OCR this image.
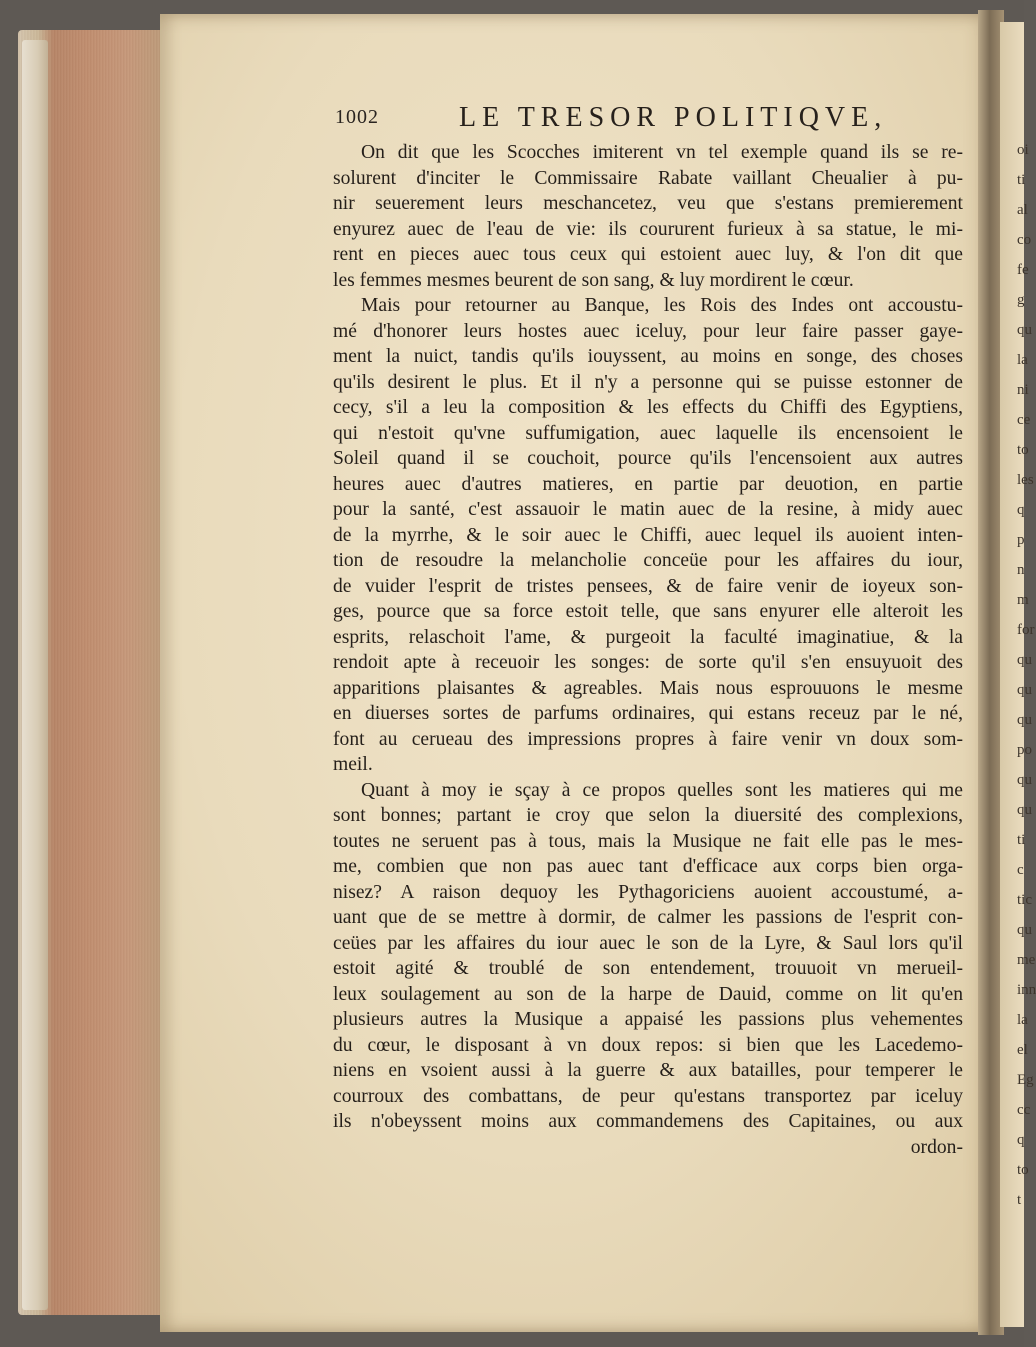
oi
ti
al
co
fe
g
qu
la
ni
ce
to
les
q
p
n
m
for
qu
qu
qu
po
qu
qu
ti
c
tic
qu
me
inn
la
el
Eg
cc
q
to
t
1002	LE TRESOR POLITIQVE,
On dit que les Scocches imiterent vn tel exemple quand ils se re-
solurent d'inciter le Commissaire Rabate vaillant Cheualier à pu-
nir seuerement leurs meschancetez, veu que s'estans premierement
enyurez auec de l'eau de vie: ils coururent furieux à sa statue, le mi-
rent en pieces auec tous ceux qui estoient auec luy, & l'on dit que
les femmes mesmes beurent de son sang, & luy mordirent le cœur.
Mais pour retourner au Banque, les Rois des Indes ont accoustu-
mé d'honorer leurs hostes auec iceluy, pour leur faire passer gaye-
ment la nuict, tandis qu'ils iouyssent, au moins en songe, des choses
qu'ils desirent le plus. Et il n'y a personne qui se puisse estonner de
cecy, s'il a leu la composition & les effects du Chiffi des Egyptiens,
qui n'estoit qu'vne suffumigation, auec laquelle ils encensoient le
Soleil quand il se couchoit, pource qu'ils l'encensoient aux autres
heures auec d'autres matieres, en partie par deuotion, en partie
pour la santé, c'est assauoir le matin auec de la resine, à midy auec
de la myrrhe, & le soir auec le Chiffi, auec lequel ils auoient inten-
tion de resoudre la melancholie conceüe pour les affaires du iour,
de vuider l'esprit de tristes pensees, & de faire venir de ioyeux son-
ges, pource que sa force estoit telle, que sans enyurer elle alteroit les
esprits, relaschoit l'ame, & purgeoit la faculté imaginatiue, & la
rendoit apte à receuoir les songes: de sorte qu'il s'en ensuyuoit des
apparitions plaisantes & agreables. Mais nous esprouuons le mesme
en diuerses sortes de parfums ordinaires, qui estans receuz par le né,
font au cerueau des impressions propres à faire venir vn doux som-
meil.
Quant à moy ie sçay à ce propos quelles sont les matieres qui me
sont bonnes; partant ie croy que selon la diuersité des complexions,
toutes ne seruent pas à tous, mais la Musique ne fait elle pas le mes-
me, combien que non pas auec tant d'efficace aux corps bien orga-
nisez? A raison dequoy les Pythagoriciens auoient accoustumé, a-
uant que de se mettre à dormir, de calmer les passions de l'esprit con-
ceües par les affaires du iour auec le son de la Lyre, & Saul lors qu'il
estoit agité & troublé de son entendement, trouuoit vn merueil-
leux soulagement au son de la harpe de Dauid, comme on lit qu'en
plusieurs autres la Musique a appaisé les passions plus vehementes
du cœur, le disposant à vn doux repos: si bien que les Lacedemo-
niens en vsoient aussi à la guerre & aux batailles, pour temperer le
courroux des combattans, de peur qu'estans transportez par iceluy
ils n'obeyssent moins aux commandemens des Capitaines, ou aux
ordon-
